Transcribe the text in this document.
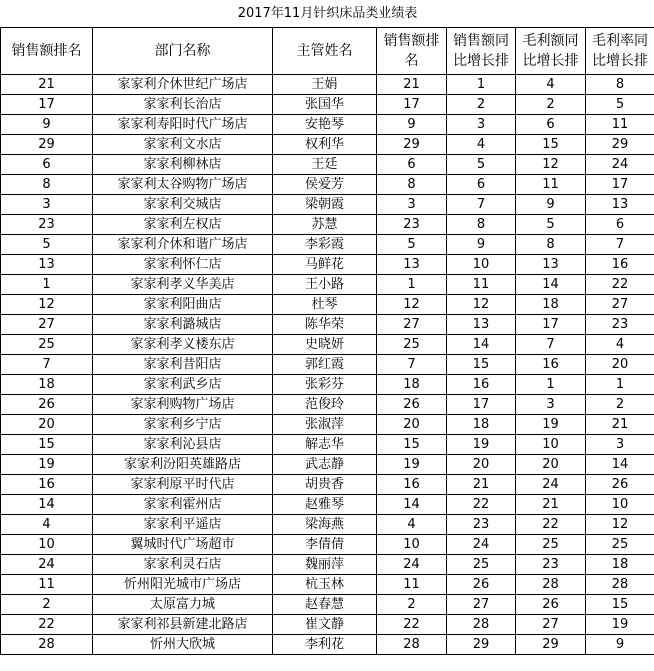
2017年11月针织床品类业绩表						
销售额排名	部门名称	主管姓名	销售额排名	销售额同比增长排	毛利额同比增长排	毛利率同比增长排
21	家家利介休世纪广场店	王娟	21	1	4	8
17	家家利长治店	张国华	17	2	2	5
9	家家利寿阳时代广场店	安艳琴	9	3	6	11
29	家家利文水店	权利华	29	4	15	29
6	家家利柳林店	王廷	6	5	12	24
8	家家利太谷购物广场店	侯爱芳	8	6	11	17
3	家家利交城店	梁朝霞	3	7	9	13
23	家家利左权店	苏慧	23	8	5	6
5	家家利介休和谐广场店	李彩霞	5	9	8	7
13	家家利怀仁店	马鲜花	13	10	13	16
1	家家利孝义华美店	王小路	1	11	14	22
12	家家利阳曲店	杜琴	12	12	18	27
27	家家利潞城店	陈华荣	27	13	17	23
25	家家利孝义楼东店	史晓妍	25	14	7	4
7	家家利昔阳店	郭红霞	7	15	16	20
18	家家利武乡店	张彩芬	18	16	1	1
26	家家利购物广场店	范俊玲	26	17	3	2
20	家家利乡宁店	张淑萍	20	18	19	21
15	家家利沁县店	解志华	15	19	10	3
19	家家利汾阳英雄路店	武志静	19	20	20	14
16	家家利原平时代店	胡贵香	16	21	24	26
14	家家利霍州店	赵雅琴	14	22	21	10
4	家家利平遥店	梁海燕	4	23	22	12
10	翼城时代广场超市	李倩倩	10	24	25	25
24	家家利灵石店	魏丽萍	24	25	23	18
11	忻州阳光城市广场店	杭玉林	11	26	28	28
2	太原富力城	赵春慧	2	27	26	15
22	家家利祁县新建北路店	崔文静	22	28	27	19
28	忻州大欣城	李利花	28	29	29	9
